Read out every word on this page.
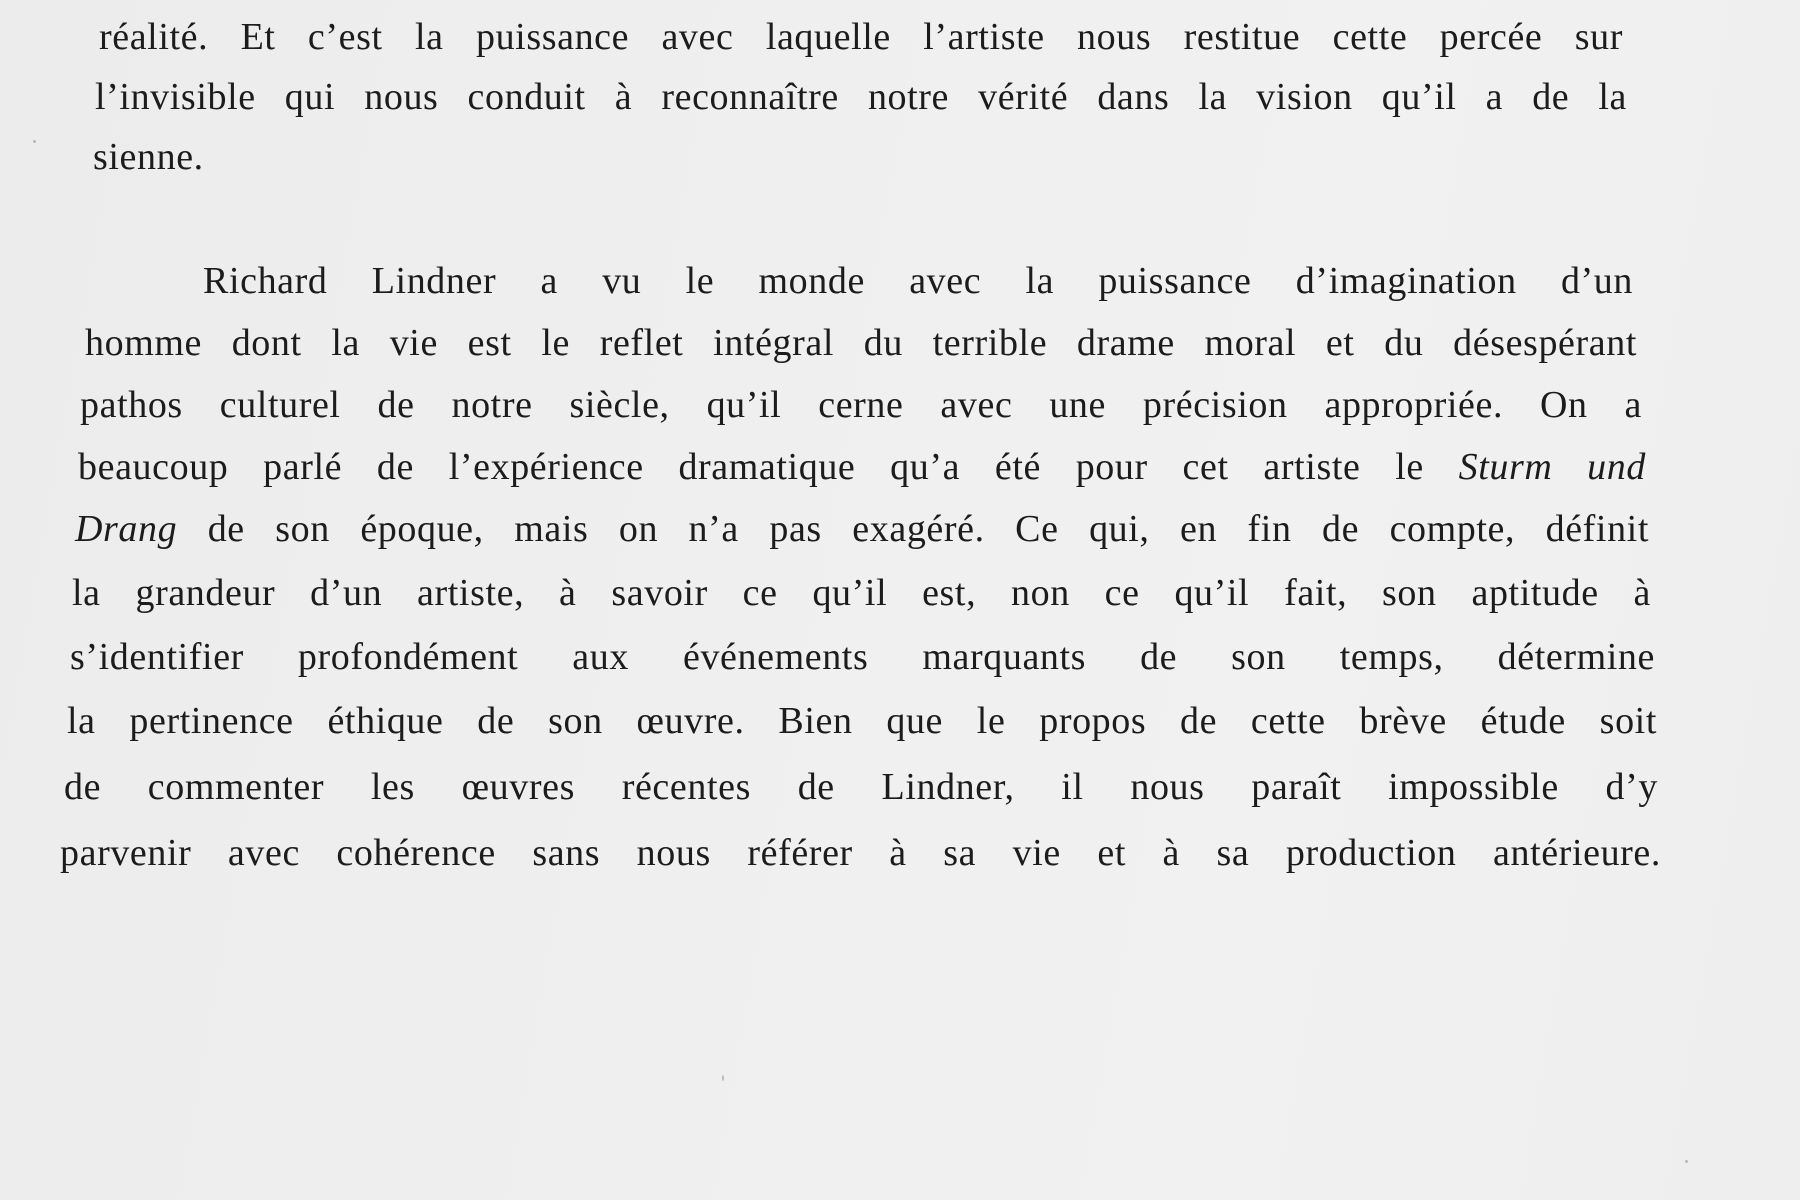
réalité. Et c’est la puissance avec laquelle l’artiste nous restitue cette percée sur
l’invisible qui nous conduit à reconnaître notre vérité dans la vision qu’il a de la
sienne.
Richard Lindner a vu le monde avec la puissance d’imagination d’un
homme dont la vie est le reflet intégral du terrible drame moral et du désespérant
pathos culturel de notre siècle, qu’il cerne avec une précision appropriée. On a
beaucoup parlé de l’expérience dramatique qu’a été pour cet artiste le Sturm und
Drang de son époque, mais on n’a pas exagéré. Ce qui, en fin de compte, définit
la grandeur d’un artiste, à savoir ce qu’il est, non ce qu’il fait, son aptitude à
s’identifier profondément aux événements marquants de son temps, détermine
la pertinence éthique de son œuvre. Bien que le propos de cette brève étude soit
de commenter les œuvres récentes de Lindner, il nous paraît impossible d’y
parvenir avec cohérence sans nous référer à sa vie et à sa production antérieure.
